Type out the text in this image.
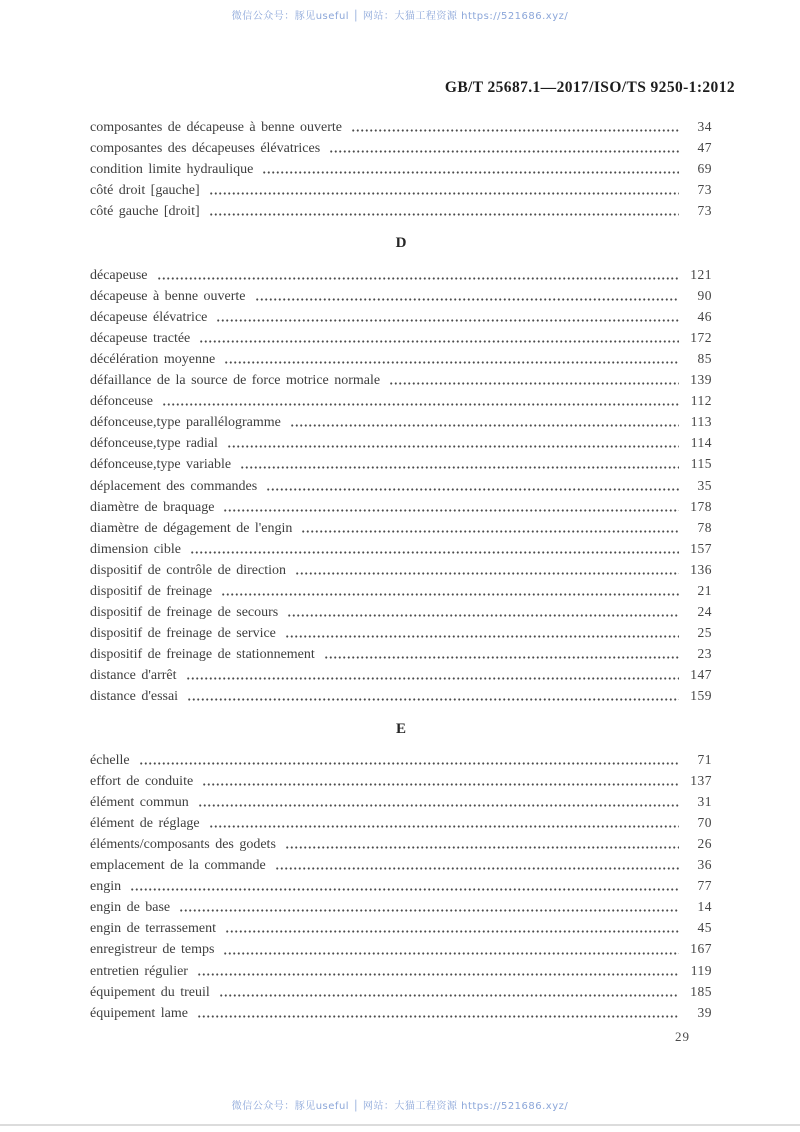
微信公众号：豚见useful │ 网站：大猫工程资源 https://521686.xyz/
GB/T 25687.1—2017/ISO/TS 9250-1:2012
composantes de décapeuse à benne ouverte	34
composantes des décapeuses élévatrices	47
condition limite hydraulique	69
côté droit [gauche]	73
côté gauche [droit]	73
D
décapeuse	121
décapeuse à benne ouverte	90
décapeuse élévatrice	46
décapeuse tractée	172
décélération moyenne	85
défaillance de la source de force motrice normale	139
défonceuse	112
défonceuse,type parallélogramme	113
défonceuse,type radial	114
défonceuse,type variable	115
déplacement des commandes	35
diamètre de braquage	178
diamètre de dégagement de l'engin	78
dimension cible	157
dispositif de contrôle de direction	136
dispositif de freinage	21
dispositif de freinage de secours	24
dispositif de freinage de service	25
dispositif de freinage de stationnement	23
distance d'arrêt	147
distance d'essai	159
E
échelle	71
effort de conduite	137
élément commun	31
élément de réglage	70
éléments/composants des godets	26
emplacement de la commande	36
engin	77
engin de base	14
engin de terrassement	45
enregistreur de temps	167
entretien régulier	119
équipement du treuil	185
équipement lame	39
29
微信公众号：豚见useful │ 网站：大猫工程资源 https://521686.xyz/
